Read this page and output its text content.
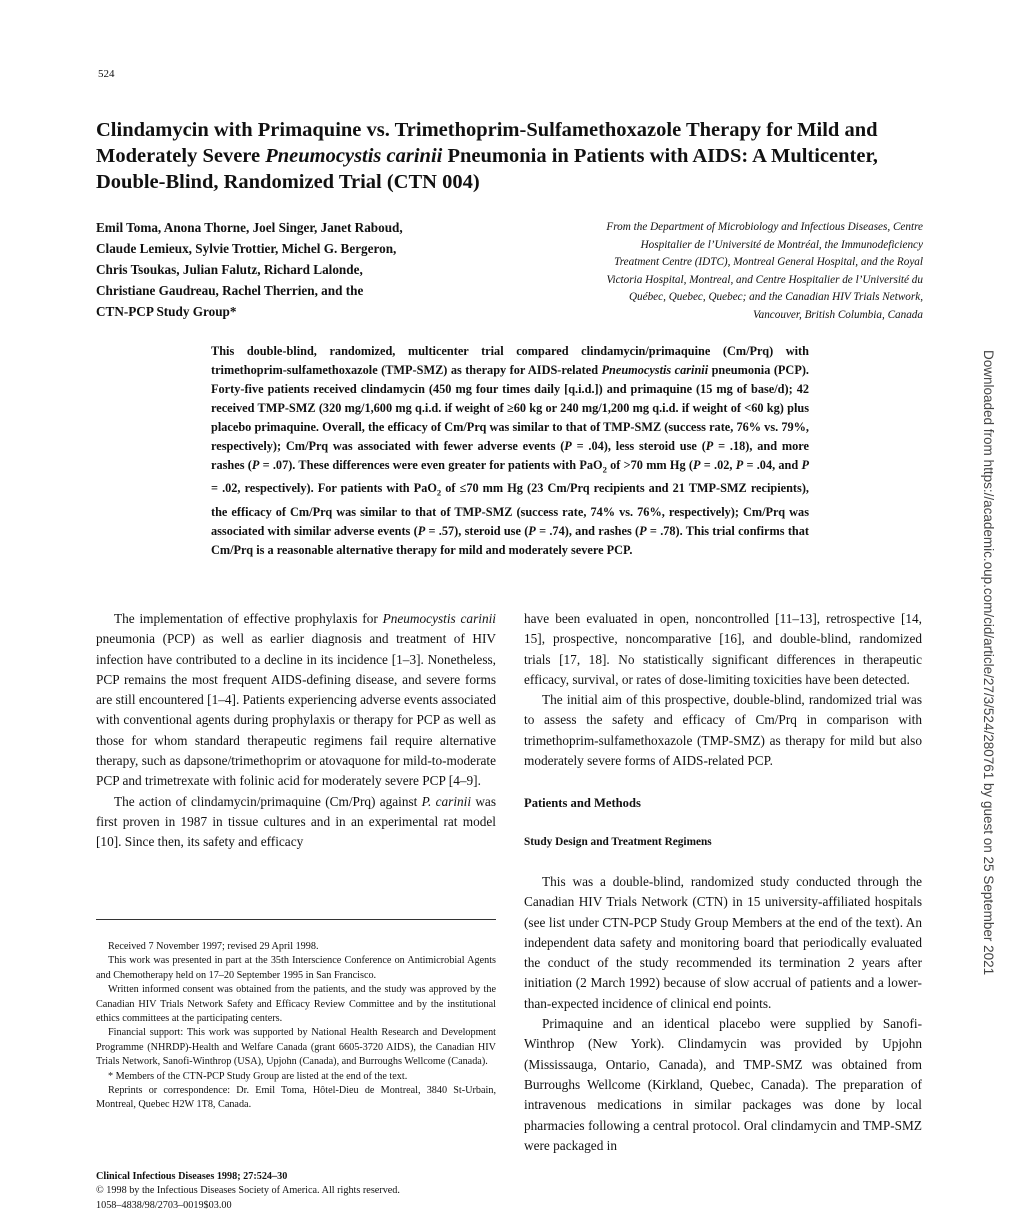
524
Clindamycin with Primaquine vs. Trimethoprim-Sulfamethoxazole Therapy for Mild and Moderately Severe Pneumocystis carinii Pneumonia in Patients with AIDS: A Multicenter, Double-Blind, Randomized Trial (CTN 004)
Emil Toma, Anona Thorne, Joel Singer, Janet Raboud,
Claude Lemieux, Sylvie Trottier, Michel G. Bergeron,
Chris Tsoukas, Julian Falutz, Richard Lalonde,
Christiane Gaudreau, Rachel Therrien, and the
CTN-PCP Study Group*
From the Department of Microbiology and Infectious Diseases, Centre
Hospitalier de l’Université de Montréal, the Immunodeficiency
Treatment Centre (IDTC), Montreal General Hospital, and the Royal
Victoria Hospital, Montreal, and Centre Hospitalier de l’Université du
Québec, Quebec, Quebec; and the Canadian HIV Trials Network,
Vancouver, British Columbia, Canada
This double-blind, randomized, multicenter trial compared clindamycin/primaquine (Cm/Prq) with trimethoprim-sulfamethoxazole (TMP-SMZ) as therapy for AIDS-related Pneumocystis carinii pneumonia (PCP). Forty-five patients received clindamycin (450 mg four times daily [q.i.d.]) and primaquine (15 mg of base/d); 42 received TMP-SMZ (320 mg/1,600 mg q.i.d. if weight of ≥60 kg or 240 mg/1,200 mg q.i.d. if weight of <60 kg) plus placebo primaquine. Overall, the efficacy of Cm/Prq was similar to that of TMP-SMZ (success rate, 76% vs. 79%, respectively); Cm/Prq was associated with fewer adverse events (P = .04), less steroid use (P = .18), and more rashes (P = .07). These differences were even greater for patients with PaO$_2$ of >70 mm Hg (P = .02, P = .04, and P = .02, respectively). For patients with PaO$_2$ of ≤70 mm Hg (23 Cm/Prq recipients and 21 TMP-SMZ recipients), the efficacy of Cm/Prq was similar to that of TMP-SMZ (success rate, 74% vs. 76%, respectively); Cm/Prq was associated with similar adverse events (P = .57), steroid use (P = .74), and rashes (P = .78). This trial confirms that Cm/Prq is a reasonable alternative therapy for mild and moderately severe PCP.

The implementation of effective prophylaxis for Pneumocystis carinii pneumonia (PCP) as well as earlier diagnosis and treatment of HIV infection have contributed to a decline in its incidence [1–3]. Nonetheless, PCP remains the most frequent AIDS-defining disease, and severe forms are still encountered [1–4]. Patients experiencing adverse events associated with conventional agents during prophylaxis or therapy for PCP as well as those for whom standard therapeutic regimens fail require alternative therapy, such as dapsone/trimethoprim or atovaquone for mild-to-moderate PCP and trimetrexate with folinic acid for moderately severe PCP [4–9].

The action of clindamycin/primaquine (Cm/Prq) against P. carinii was first proven in 1987 in tissue cultures and in an experimental rat model [10]. Since then, its safety and efficacy

Received 7 November 1997; revised 29 April 1998.

This work was presented in part at the 35th Interscience Conference on Antimicrobial Agents and Chemotherapy held on 17–20 September 1995 in San Francisco.

Written informed consent was obtained from the patients, and the study was approved by the Canadian HIV Trials Network Safety and Efficacy Review Committee and by the institutional ethics committees at the participating centers.

Financial support: This work was supported by National Health Research and Development Programme (NHRDP)-Health and Welfare Canada (grant 6605-3720 AIDS), the Canadian HIV Trials Network, Sanofi-Winthrop (USA), Upjohn (Canada), and Burroughs Wellcome (Canada).

* Members of the CTN-PCP Study Group are listed at the end of the text.

Reprints or correspondence: Dr. Emil Toma, Hôtel-Dieu de Montreal, 3840 St-Urbain, Montreal, Quebec H2W 1T8, Canada.

Clinical Infectious Diseases 1998; 27:524–30
© 1998 by the Infectious Diseases Society of America. All rights reserved.
1058–4838/98/2703–0019$03.00

have been evaluated in open, noncontrolled [11–13], retrospective [14, 15], prospective, noncomparative [16], and double-blind, randomized trials [17, 18]. No statistically significant differences in therapeutic efficacy, survival, or rates of dose-limiting toxicities have been detected.

The initial aim of this prospective, double-blind, randomized trial was to assess the safety and efficacy of Cm/Prq in comparison with trimethoprim-sulfamethoxazole (TMP-SMZ) as therapy for mild but also moderately severe forms of AIDS-related PCP.

Patients and Methods

Study Design and Treatment Regimens

This was a double-blind, randomized study conducted through the Canadian HIV Trials Network (CTN) in 15 university-affiliated hospitals (see list under CTN-PCP Study Group Members at the end of the text). An independent data safety and monitoring board that periodically evaluated the conduct of the study recommended its termination 2 years after initiation (2 March 1992) because of slow accrual of patients and a lower-than-expected incidence of clinical end points.

Primaquine and an identical placebo were supplied by Sanofi-Winthrop (New York). Clindamycin was provided by Upjohn (Mississauga, Ontario, Canada), and TMP-SMZ was obtained from Burroughs Wellcome (Kirkland, Quebec, Canada). The preparation of intravenous medications in similar packages was done by local pharmacies following a central protocol. Oral clindamycin and TMP-SMZ were packaged in

Downloaded from https://academic.oup.com/cid/article/27/3/524/280761 by guest on 25 September 2021
